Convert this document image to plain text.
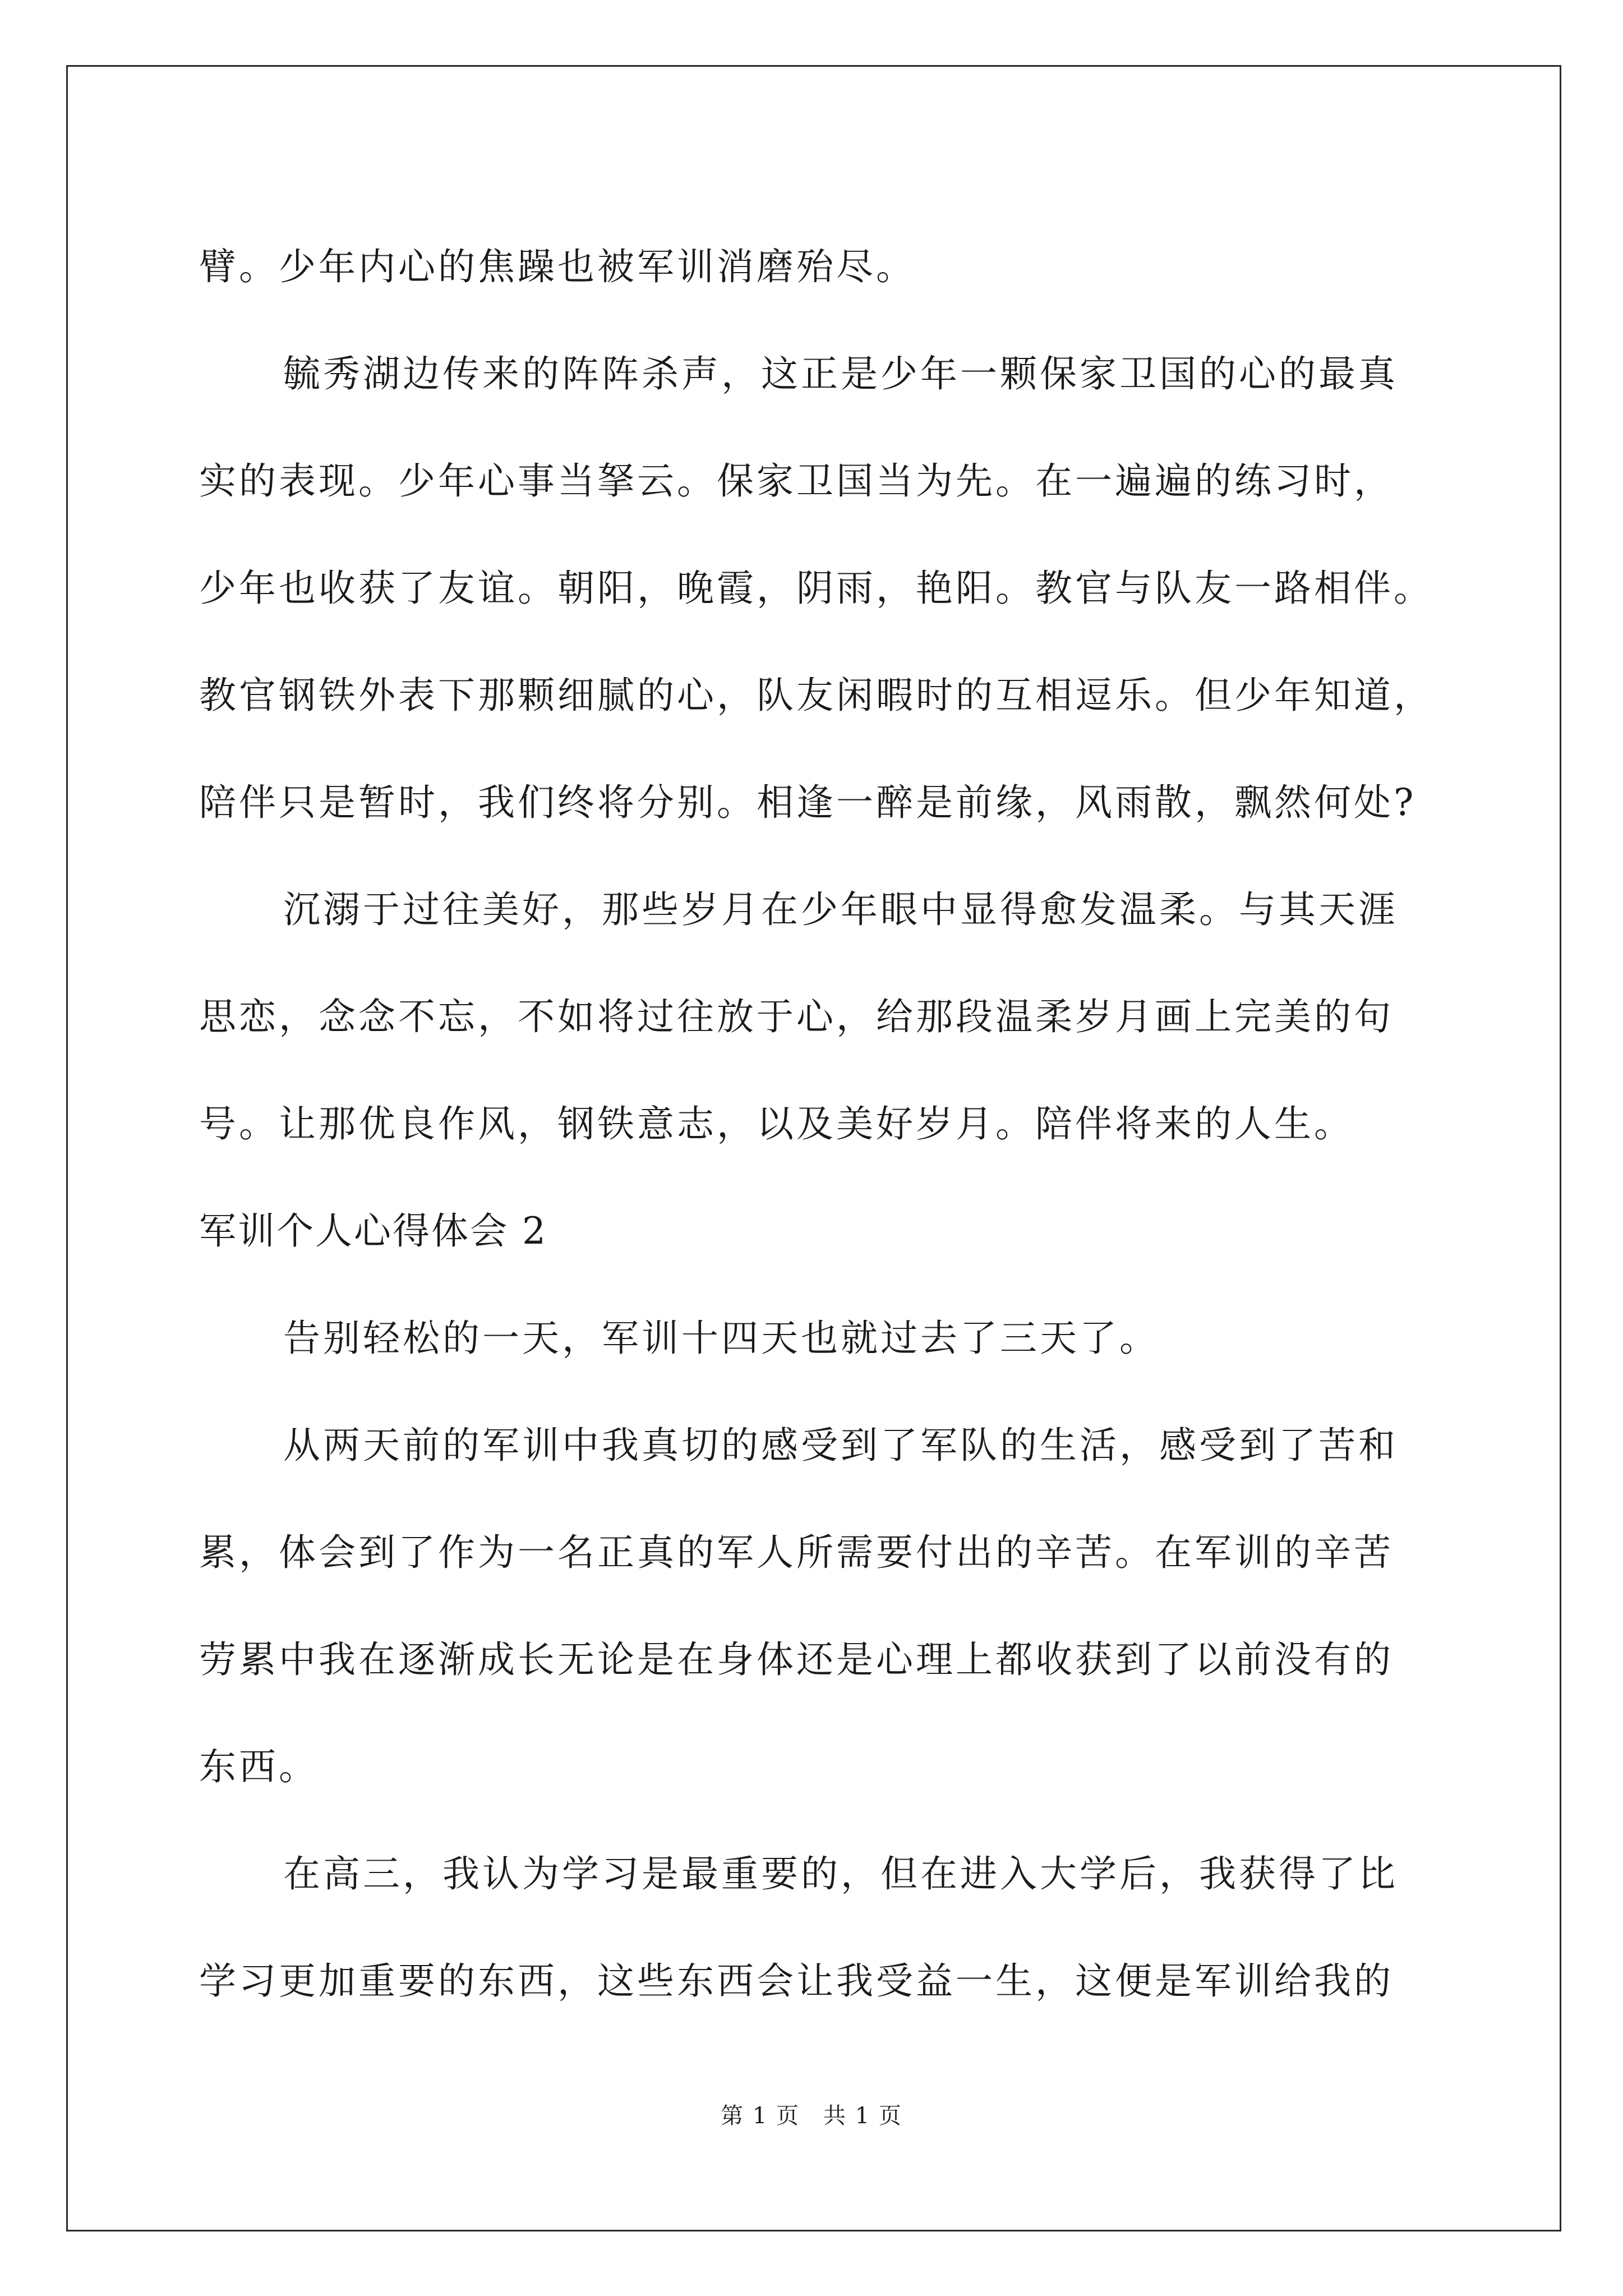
臂。少年内心的焦躁也被军训消磨殆尽。
毓秀湖边传来的阵阵杀声，这正是少年一颗保家卫国的心的最真
实的表现。少年心事当拏云。保家卫国当为先。在一遍遍的练习时，
少年也收获了友谊。朝阳，晚霞，阴雨，艳阳。教官与队友一路相伴。
教官钢铁外表下那颗细腻的心，队友闲暇时的互相逗乐。但少年知道，
陪伴只是暂时，我们终将分别。相逢一醉是前缘，风雨散，飘然何处?
沉溺于过往美好，那些岁月在少年眼中显得愈发温柔。与其天涯
思恋，念念不忘，不如将过往放于心，给那段温柔岁月画上完美的句
号。让那优良作风，钢铁意志，以及美好岁月。陪伴将来的人生。
军训个人心得体会 2
告别轻松的一天，军训十四天也就过去了三天了。
从两天前的军训中我真切的感受到了军队的生活，感受到了苦和
累，体会到了作为一名正真的军人所需要付出的辛苦。在军训的辛苦
劳累中我在逐渐成长无论是在身体还是心理上都收获到了以前没有的
东西。
在高三，我认为学习是最重要的，但在进入大学后，我获得了比
学习更加重要的东西，这些东西会让我受益一生，这便是军训给我的
第 1 页　共 1 页
